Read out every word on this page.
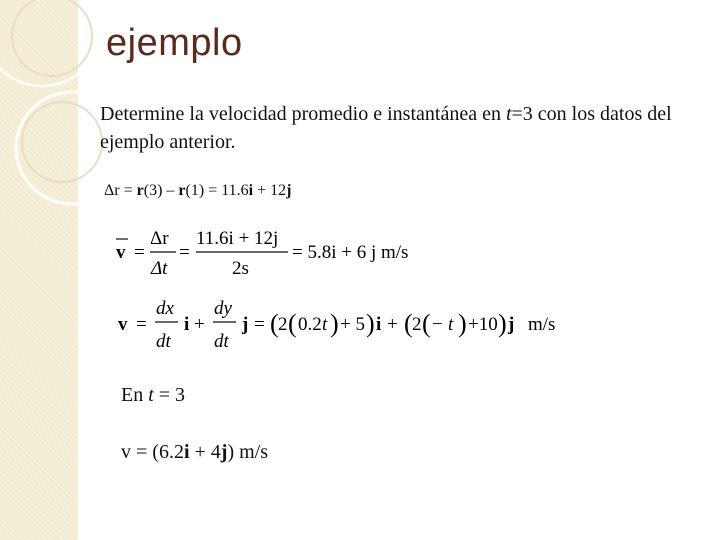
ejemplo

Determine la velocidad promedio e instantánea en t=3 con los datos del ejemplo anterior.

Δr = r(3) – r(1) = 11.6i + 12j
v =
Δr
Δt
=
11.6i + 12j
2s
= 5.8i + 6 j m/s
v =
dx
dt
i +
dy
dt
j = ( 2 ( 0.2 t ) + 5 ) i + ( 2 ( − t ) +10 ) j m/s
En t = 3
v = (6.2i + 4j) m/s
